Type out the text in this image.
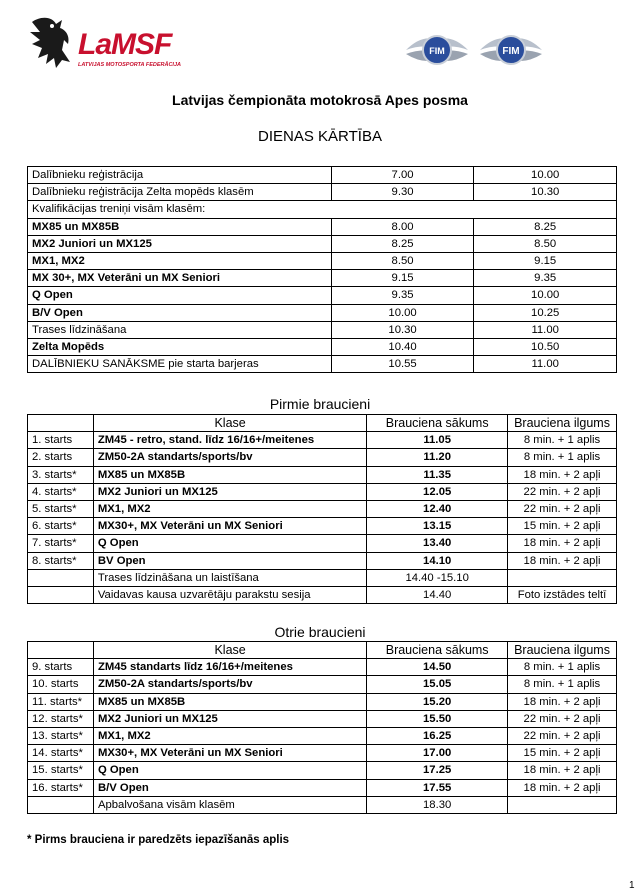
LaMSF
LATVIJAS MOTOSPORTA FEDERĀCIJA
FIM	FIM
Latvijas čempionāta motokrosā Apes posma
DIENAS KĀRTĪBA
Dalībnieku reģistrācija	7.00	10.00
Dalībnieku reģistrācija Zelta mopēds klasēm	9.30	10.30
Kvalifikācijas treniņi visām klasēm:		
MX85 un MX85B	8.00	8.25
MX2 Juniori un MX125	8.25	8.50
MX1, MX2	8.50	9.15
MX 30+, MX Veterāni un MX Seniori	9.15	9.35
Q Open	9.35	10.00
B/V Open	10.00	10.25
Trases līdzināšana	10.30	11.00
Zelta Mopēds	10.40	10.50
DALĪBNIEKU SANĀKSME pie starta barjeras	10.55	11.00
Pirmie braucieni
	Klase	Brauciena sākums	Brauciena ilgums
1. starts	ZM45 - retro, stand. līdz 16/16+/meitenes	11.05	8 min. + 1 aplis
2. starts	ZM50-2A standarts/sports/bv	11.20	8 min. + 1 aplis
3. starts*	MX85 un MX85B	11.35	18 min. + 2 apļi
4. starts*	MX2 Juniori un MX125	12.05	22 min. + 2 apļi
5. starts*	MX1, MX2	12.40	22 min. + 2 apļi
6. starts*	MX30+, MX Veterāni un MX Seniori	13.15	15 min. + 2 apļi
7. starts*	Q Open	13.40	18 min. + 2 apļi
8. starts*	BV Open	14.10	18 min. + 2 apļi
	Trases līdzināšana un laistīšana	14.40 -15.10	
	Vaidavas kausa uzvarētāju parakstu sesija	14.40	Foto izstādes teltī
Otrie braucieni
	Klase	Brauciena sākums	Brauciena ilgums
9. starts	ZM45 standarts līdz 16/16+/meitenes	14.50	8 min. + 1 aplis
10. starts	ZM50-2A standarts/sports/bv	15.05	8 min. + 1 aplis
11. starts*	MX85 un MX85B	15.20	18 min. + 2 apļi
12. starts*	MX2 Juniori un MX125	15.50	22 min. + 2 apļi
13. starts*	MX1, MX2	16.25	22 min. + 2 apļi
14. starts*	MX30+, MX Veterāni un MX Seniori	17.00	15 min. + 2 apļi
15. starts*	Q Open	17.25	18 min. + 2 apļi
16. starts*	B/V Open	17.55	18 min. + 2 apļi
	Apbalvošana visām klasēm	18.30	
* Pirms brauciena ir paredzēts iepazīšanās aplis
1
